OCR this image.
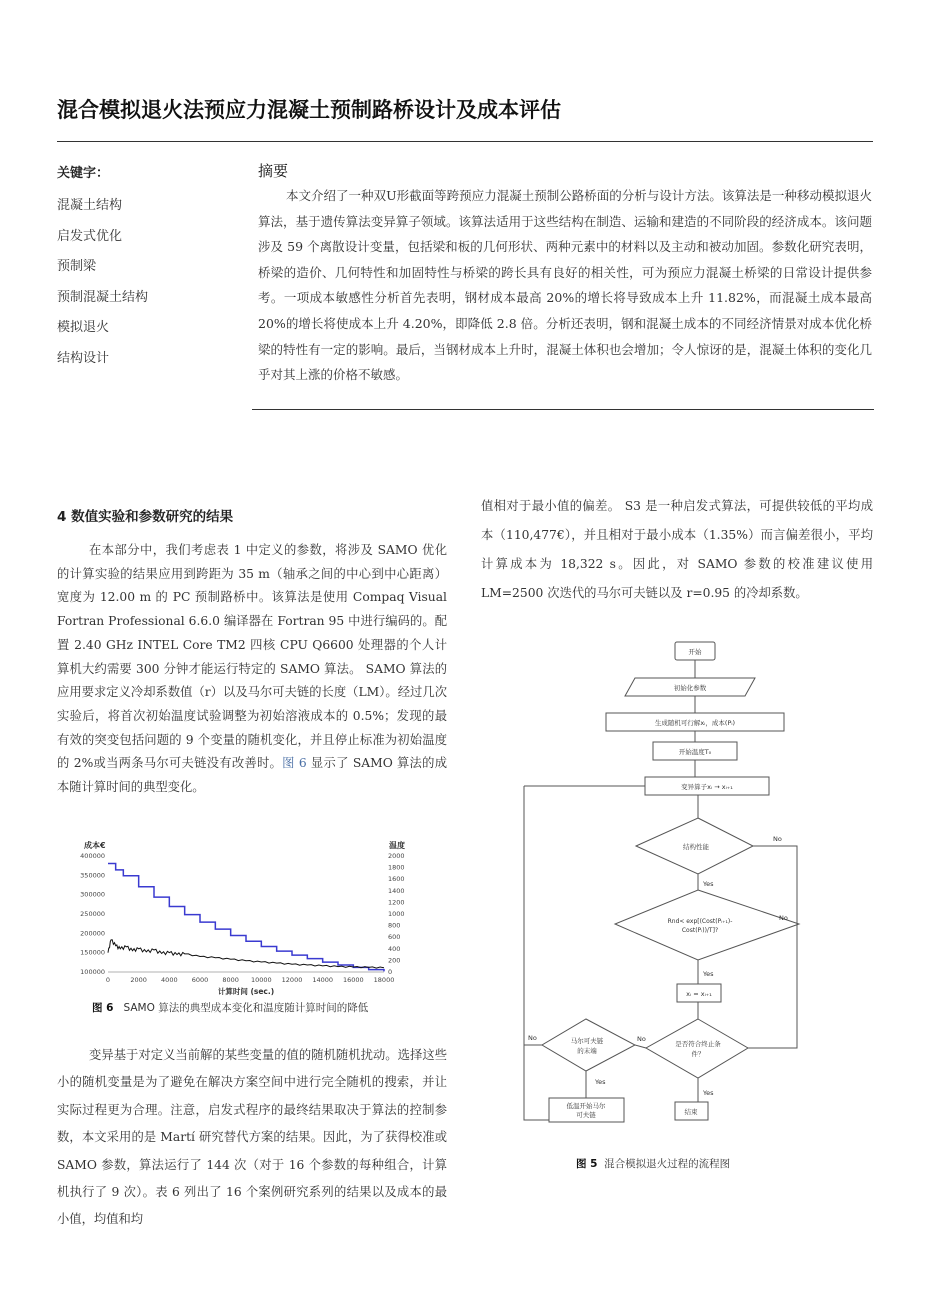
混合模拟退火法预应力混凝土预制路桥设计及成本评估
关键字：
混凝土结构
启发式优化
预制梁
预制混凝土结构
模拟退火
结构设计
摘要

本文介绍了一种双U形截面等跨预应力混凝土预制公路桥面的分析与设计方法。该算法是一种移动模拟退火算法，基于遗传算法变异算子领域。该算法适用于这些结构在制造、运输和建造的不同阶段的经济成本。该问题涉及 59 个离散设计变量，包括梁和板的几何形状、两种元素中的材料以及主动和被动加固。参数化研究表明，桥梁的造价、几何特性和加固特性与桥梁的跨长具有良好的相关性，可为预应力混凝土桥梁的日常设计提供参考。一项成本敏感性分析首先表明，钢材成本最高 20%的增长将导致成本上升 11.82%，而混凝土成本最高 20%的增长将使成本上升 4.20%，即降低 2.8 倍。分析还表明，钢和混凝土成本的不同经济情景对成本优化桥梁的特性有一定的影响。最后，当钢材成本上升时，混凝土体积也会增加；令人惊讶的是，混凝土体积的变化几乎对其上涨的价格不敏感。

4 数值实验和参数研究的结果

在本部分中，我们考虑表 1 中定义的参数，将涉及 SAMO 优化的计算实验的结果应用到跨距为 35 m（轴承之间的中心到中心距离）宽度为 12.00 m 的 PC 预制路桥中。该算法是使用 Compaq Visual Fortran Professional 6.6.0 编译器在 Fortran 95 中进行编码的。配置 2.40 GHz INTEL Core TM2 四核 CPU Q6600 处理器的个人计算机大约需要 300 分钟才能运行特定的 SAMO 算法。 SAMO 算法的应用要求定义冷却系数值（r）以及马尔可夫链的长度（LM）。经过几次实验后，将首次初始温度试验调整为初始溶液成本的 0.5%；发现的最有效的突变包括问题的 9 个变量的随机变化，并且停止标准为初始温度的 2%或当两条马尔可夫链没有改善时。图 6 显示了 SAMO 算法的成本随计算时间的典型变化。

成本€	温度
0	2000 4000 6000 8000 10000 12000 14000 16000 18000
400000
350000
300000
250000
200000
150000
100000
2000
1800
1600
1400
1200
1000
800
600
400
200
0
计算时间 (sec.)
图 6 SAMO 算法的典型成本变化和温度随计算时间的降低

变异基于对定义当前解的某些变量的值的随机随机扰动。选择这些小的随机变量是为了避免在解决方案空间中进行完全随机的搜索，并让实际过程更为合理。注意，启发式程序的最终结果取决于算法的控制参数，本文采用的是 Martí 研究替代方案的结果。因此，为了获得校准或 SAMO 参数，算法运行了 144 次（对于 16 个参数的每种组合，计算机执行了 9 次）。表 6 列出了 16 个案例研究系列的结果以及成本的最小值，均值和均

值相对于最小值的偏差。 S3 是一种启发式算法，可提供较低的平均成本（110,477€），并且相对于最小成本（1.35%）而言偏差很小，平均计算成本为 18,322 s。因此，对 SAMO 参数的校准建议使用 LM=2500 次迭代的马尔可夫链以及 r=0.95 的冷却系数。

开始
初始化参数
生成随机可行解xᵢ，成本(Pᵢ)
开始温度T₀
变异算子xᵢ → xᵢ₊₁
结构性能
Rnd< exp[(Cost(Pᵢ₊₁)-
Cost(Pᵢ))/T]?
xᵢ = xᵢ₊₁
是否符合终止条
件？
马尔可夫链
的末端
低温开始马尔
可夫链	结束
Yes
Yes
Yes
Yes
No
No
No
No
图 5 混合模拟退火过程的流程图
